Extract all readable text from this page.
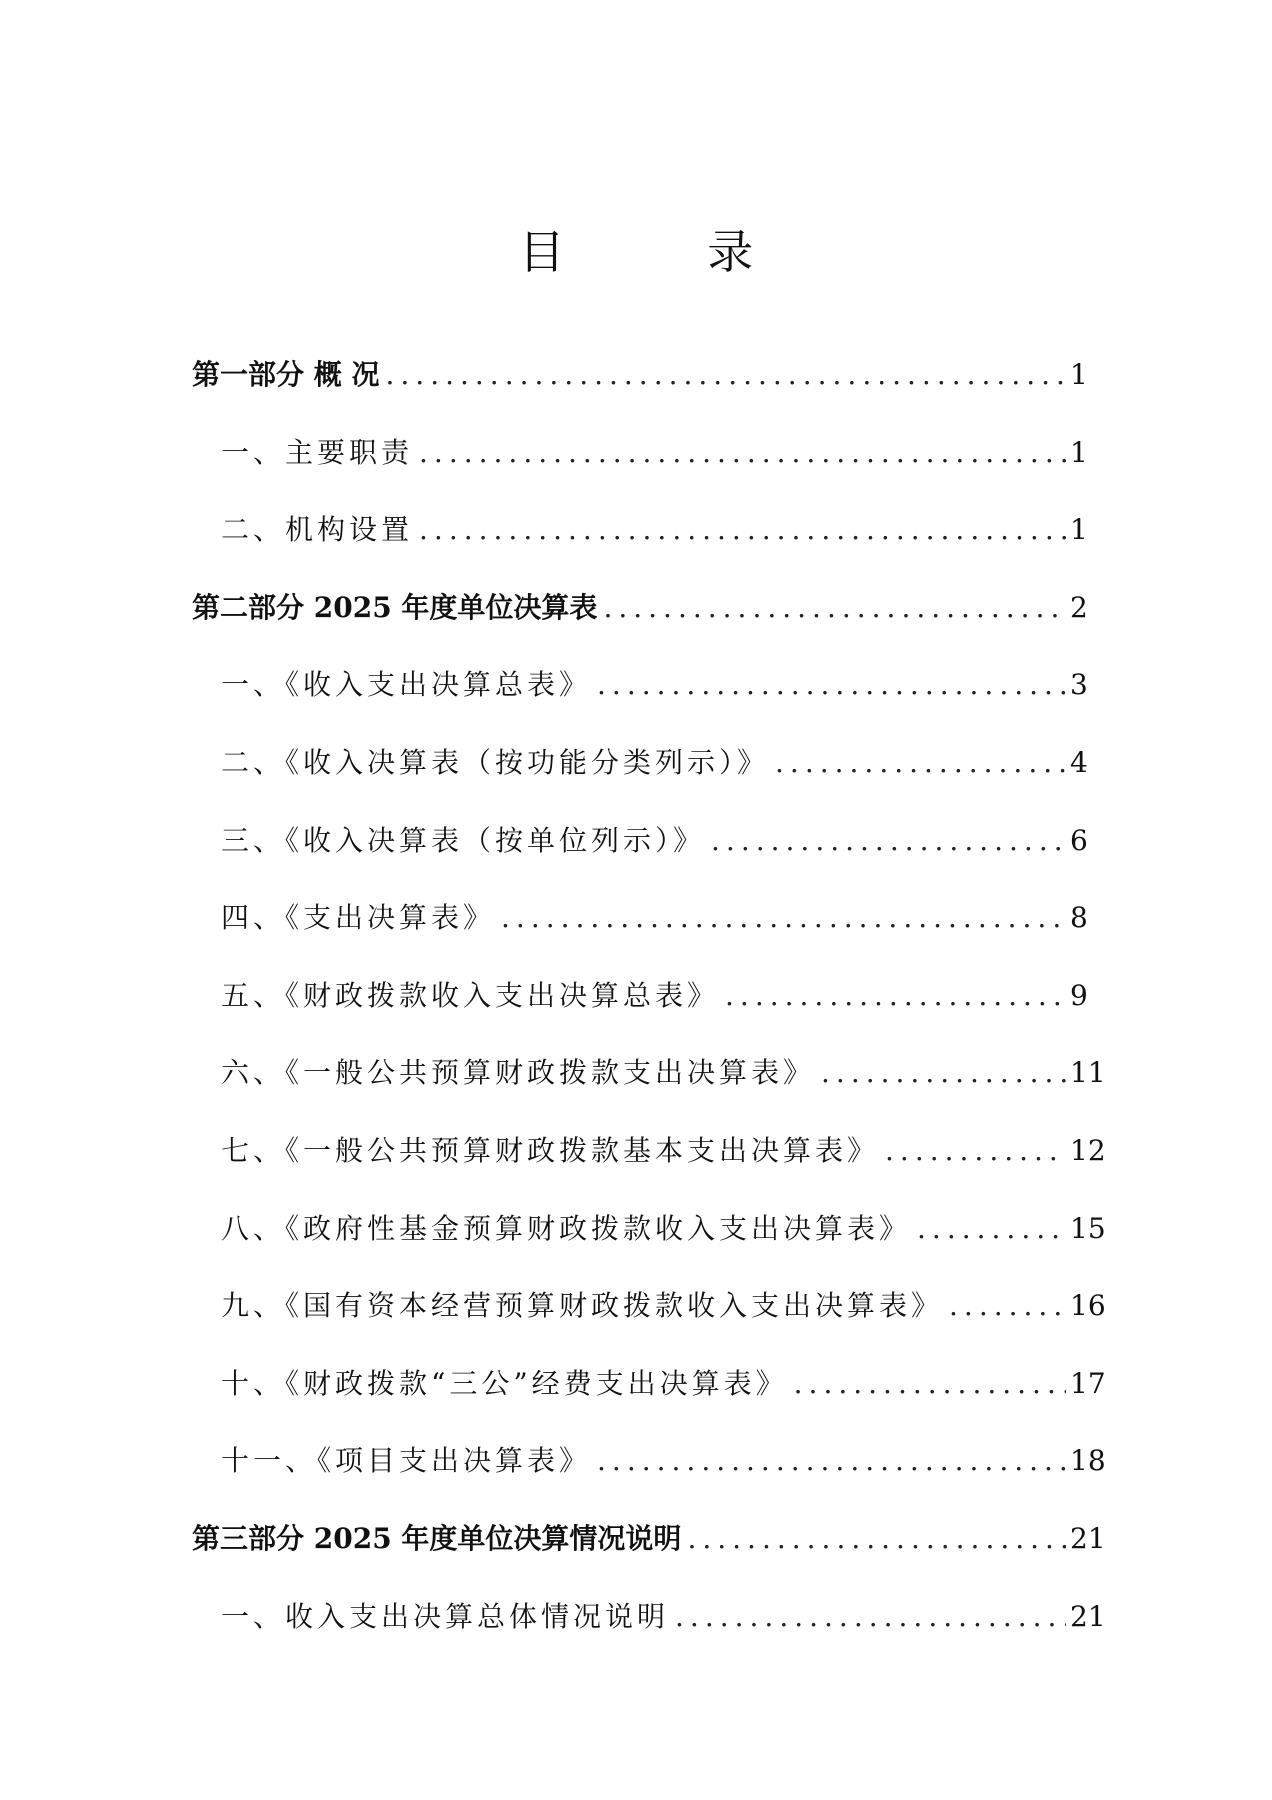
目 录
第一部分 概 况 .....	1
一、主要职责 .....	1
二、机构设置 .....	1
第二部分 2025 年度单位决算表 .....	2
一、《收入支出决算总表》 .....	3
二、《收入决算表（按功能分类列示）》 .....	4
三、《收入决算表（按单位列示）》 .....	6
四、《支出决算表》 .....	8
五、《财政拨款收入支出决算总表》 .....	9
六、《一般公共预算财政拨款支出决算表》 .....	11
七、《一般公共预算财政拨款基本支出决算表》 .....	12
八、《政府性基金预算财政拨款收入支出决算表》 .....	15
九、《国有资本经营预算财政拨款收入支出决算表》 .....	16
十、《财政拨款“三公”经费支出决算表》 .....	17
十一、《项目支出决算表》 .....	18
第三部分 2025 年度单位决算情况说明 .....	21
一、收入支出决算总体情况说明 .....	21
